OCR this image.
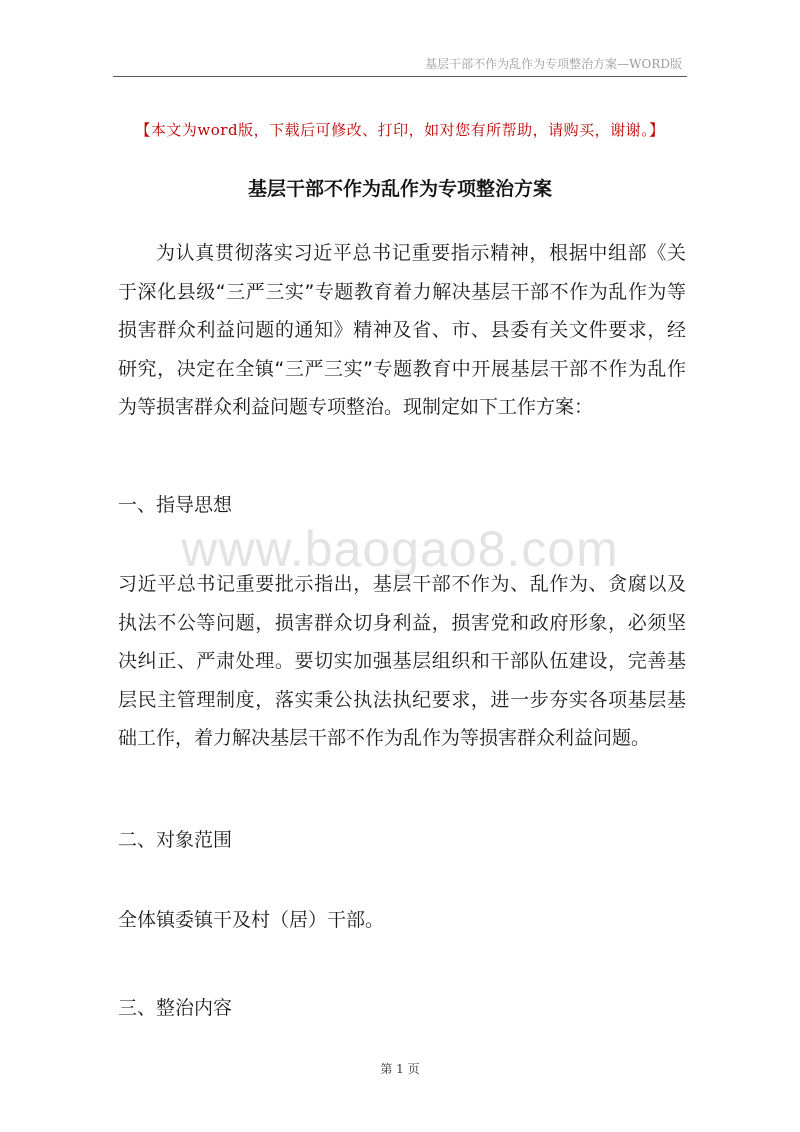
基层干部不作为乱作为专项整治方案—WORD版
【本文为word版，下载后可修改、打印，如对您有所帮助，请购买，谢谢。】
基层干部不作为乱作为专项整治方案
为认真贯彻落实习近平总书记重要指示精神，根据中组部《关于深化县级“三严三实”专题教育着力解决基层干部不作为乱作为等损害群众利益问题的通知》精神及省、市、县委有关文件要求，经研究，决定在全镇“三严三实”专题教育中开展基层干部不作为乱作为等损害群众利益问题专项整治。现制定如下工作方案：
一、指导思想
www.baogao8.com
习近平总书记重要批示指出，基层干部不作为、乱作为、贪腐以及执法不公等问题，损害群众切身利益，损害党和政府形象，必须坚决纠正、严肃处理。要切实加强基层组织和干部队伍建设，完善基层民主管理制度，落实秉公执法执纪要求，进一步夯实各项基层基础工作，着力解决基层干部不作为乱作为等损害群众利益问题。
二、对象范围
全体镇委镇干及村（居）干部。
三、整治内容
第 1 页
